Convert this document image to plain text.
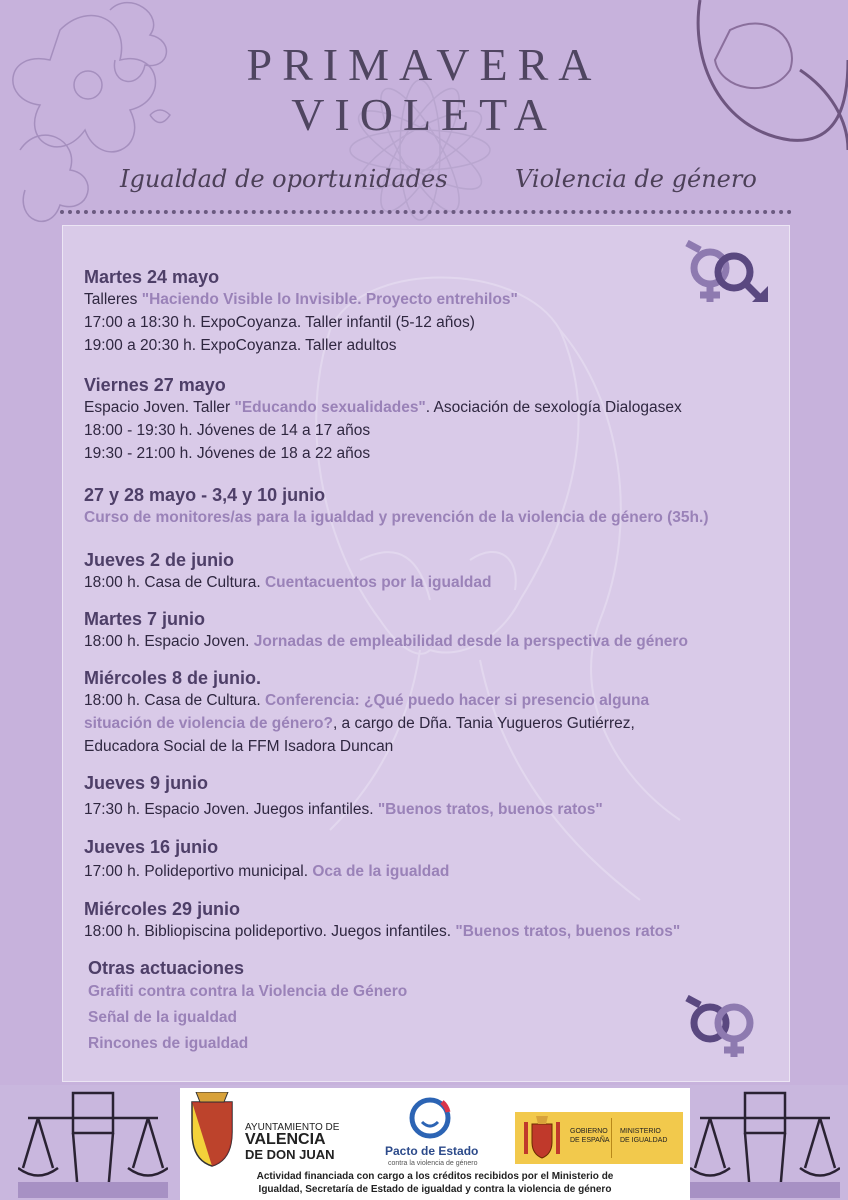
PRIMAVERA
VIOLETA
Igualdad de oportunidades	Violencia de género
Martes 24 mayo
Talleres "Haciendo Visible lo Invisible. Proyecto entrehilos"
17:00 a 18:30 h. ExpoCoyanza. Taller infantil (5-12 años)
19:00 a 20:30 h. ExpoCoyanza. Taller adultos
Viernes 27 mayo
Espacio Joven. Taller "Educando sexualidades". Asociación de sexología Dialogasex
18:00 - 19:30 h. Jóvenes de 14 a 17 años
19:30 - 21:00 h. Jóvenes de 18 a 22 años
27 y 28 mayo - 3,4 y 10 junio
Curso de monitores/as para la igualdad y prevención de la violencia de género (35h.)
Jueves 2 de junio
18:00 h. Casa de Cultura. Cuentacuentos por la igualdad
Martes 7 junio
18:00 h. Espacio Joven. Jornadas de empleabilidad desde la perspectiva de género
Miércoles 8 de junio.
18:00 h. Casa de Cultura. Conferencia: ¿Qué puedo hacer si presencio alguna
situación de violencia de género?, a cargo de Dña. Tania Yugueros Gutiérrez,
Educadora Social de la FFM Isadora Duncan
Jueves 9 junio
17:30 h. Espacio Joven. Juegos infantiles. "Buenos tratos, buenos ratos"
Jueves 16 junio
17:00 h. Polideportivo municipal. Oca de la igualdad
Miércoles 29 junio
18:00 h. Bibliopiscina polideportivo. Juegos infantiles. "Buenos tratos, buenos ratos"
Otras actuaciones
Grafiti contra contra la Violencia de Género
Señal de la igualdad
Rincones de igualdad
AYUNTAMIENTO DE
VALENCIA
DE DON JUAN	Pacto de Estado
contra la violencia de género
GOBIERNO
DE ESPAÑA
MINISTERIO
DE IGUALDAD
Actividad financiada con cargo a los créditos recibidos por el Ministerio de Igualdad, Secretaría de Estado de igualdad y contra la violencia de género
